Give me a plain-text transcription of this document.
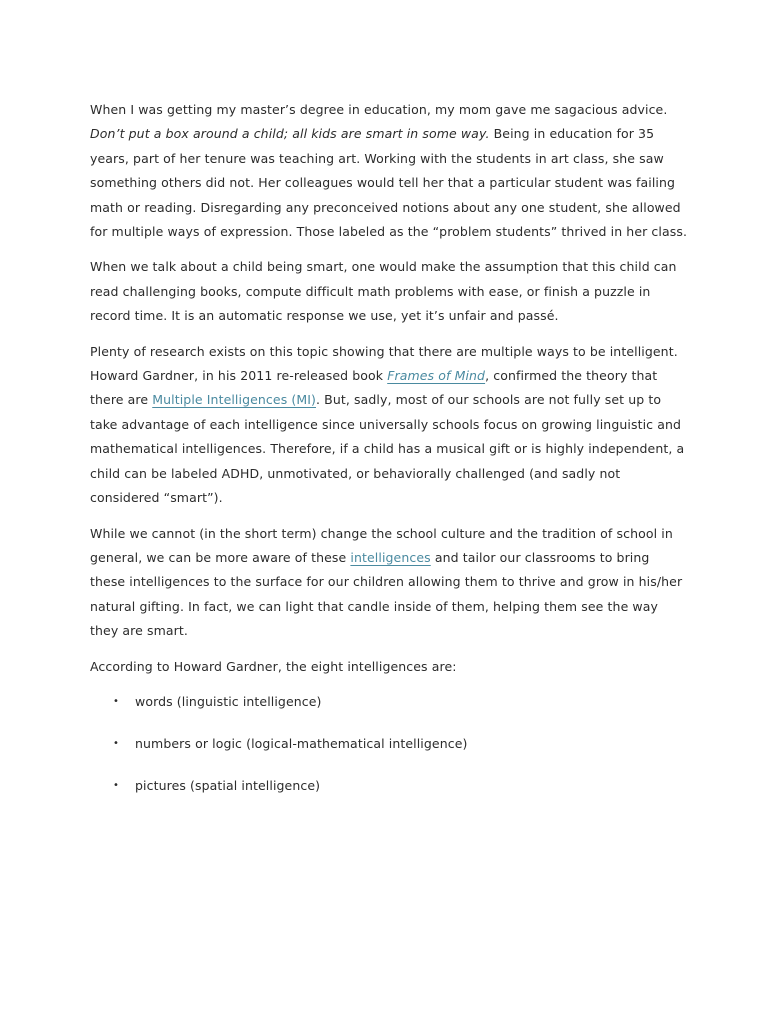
When I was getting my master’s degree in education, my mom gave me sagacious advice. Don’t put a box around a child; all kids are smart in some way. Being in education for 35 years, part of her tenure was teaching art. Working with the students in art class, she saw something others did not. Her colleagues would tell her that a particular student was failing math or reading. Disregarding any preconceived notions about any one student, she allowed for multiple ways of expression. Those labeled as the “problem students” thrived in her class.

When we talk about a child being smart, one would make the assumption that this child can read challenging books, compute difficult math problems with ease, or finish a puzzle in record time. It is an automatic response we use, yet it’s unfair and passé.

Plenty of research exists on this topic showing that there are multiple ways to be intelligent. Howard Gardner, in his 2011 re-released book Frames of Mind, confirmed the theory that there are Multiple Intelligences (MI). But, sadly, most of our schools are not fully set up to take advantage of each intelligence since universally schools focus on growing linguistic and mathematical intelligences. Therefore, if a child has a musical gift or is highly independent, a child can be labeled ADHD, unmotivated, or behaviorally challenged (and sadly not considered “smart”).

While we cannot (in the short term) change the school culture and the tradition of school in general, we can be more aware of these intelligences and tailor our classrooms to bring these intelligences to the surface for our children allowing them to thrive and grow in his/her natural gifting. In fact, we can light that candle inside of them, helping them see the way they are smart.

According to Howard Gardner, the eight intelligences are:

• words (linguistic intelligence)
• numbers or logic (logical-mathematical intelligence)
• pictures (spatial intelligence)
